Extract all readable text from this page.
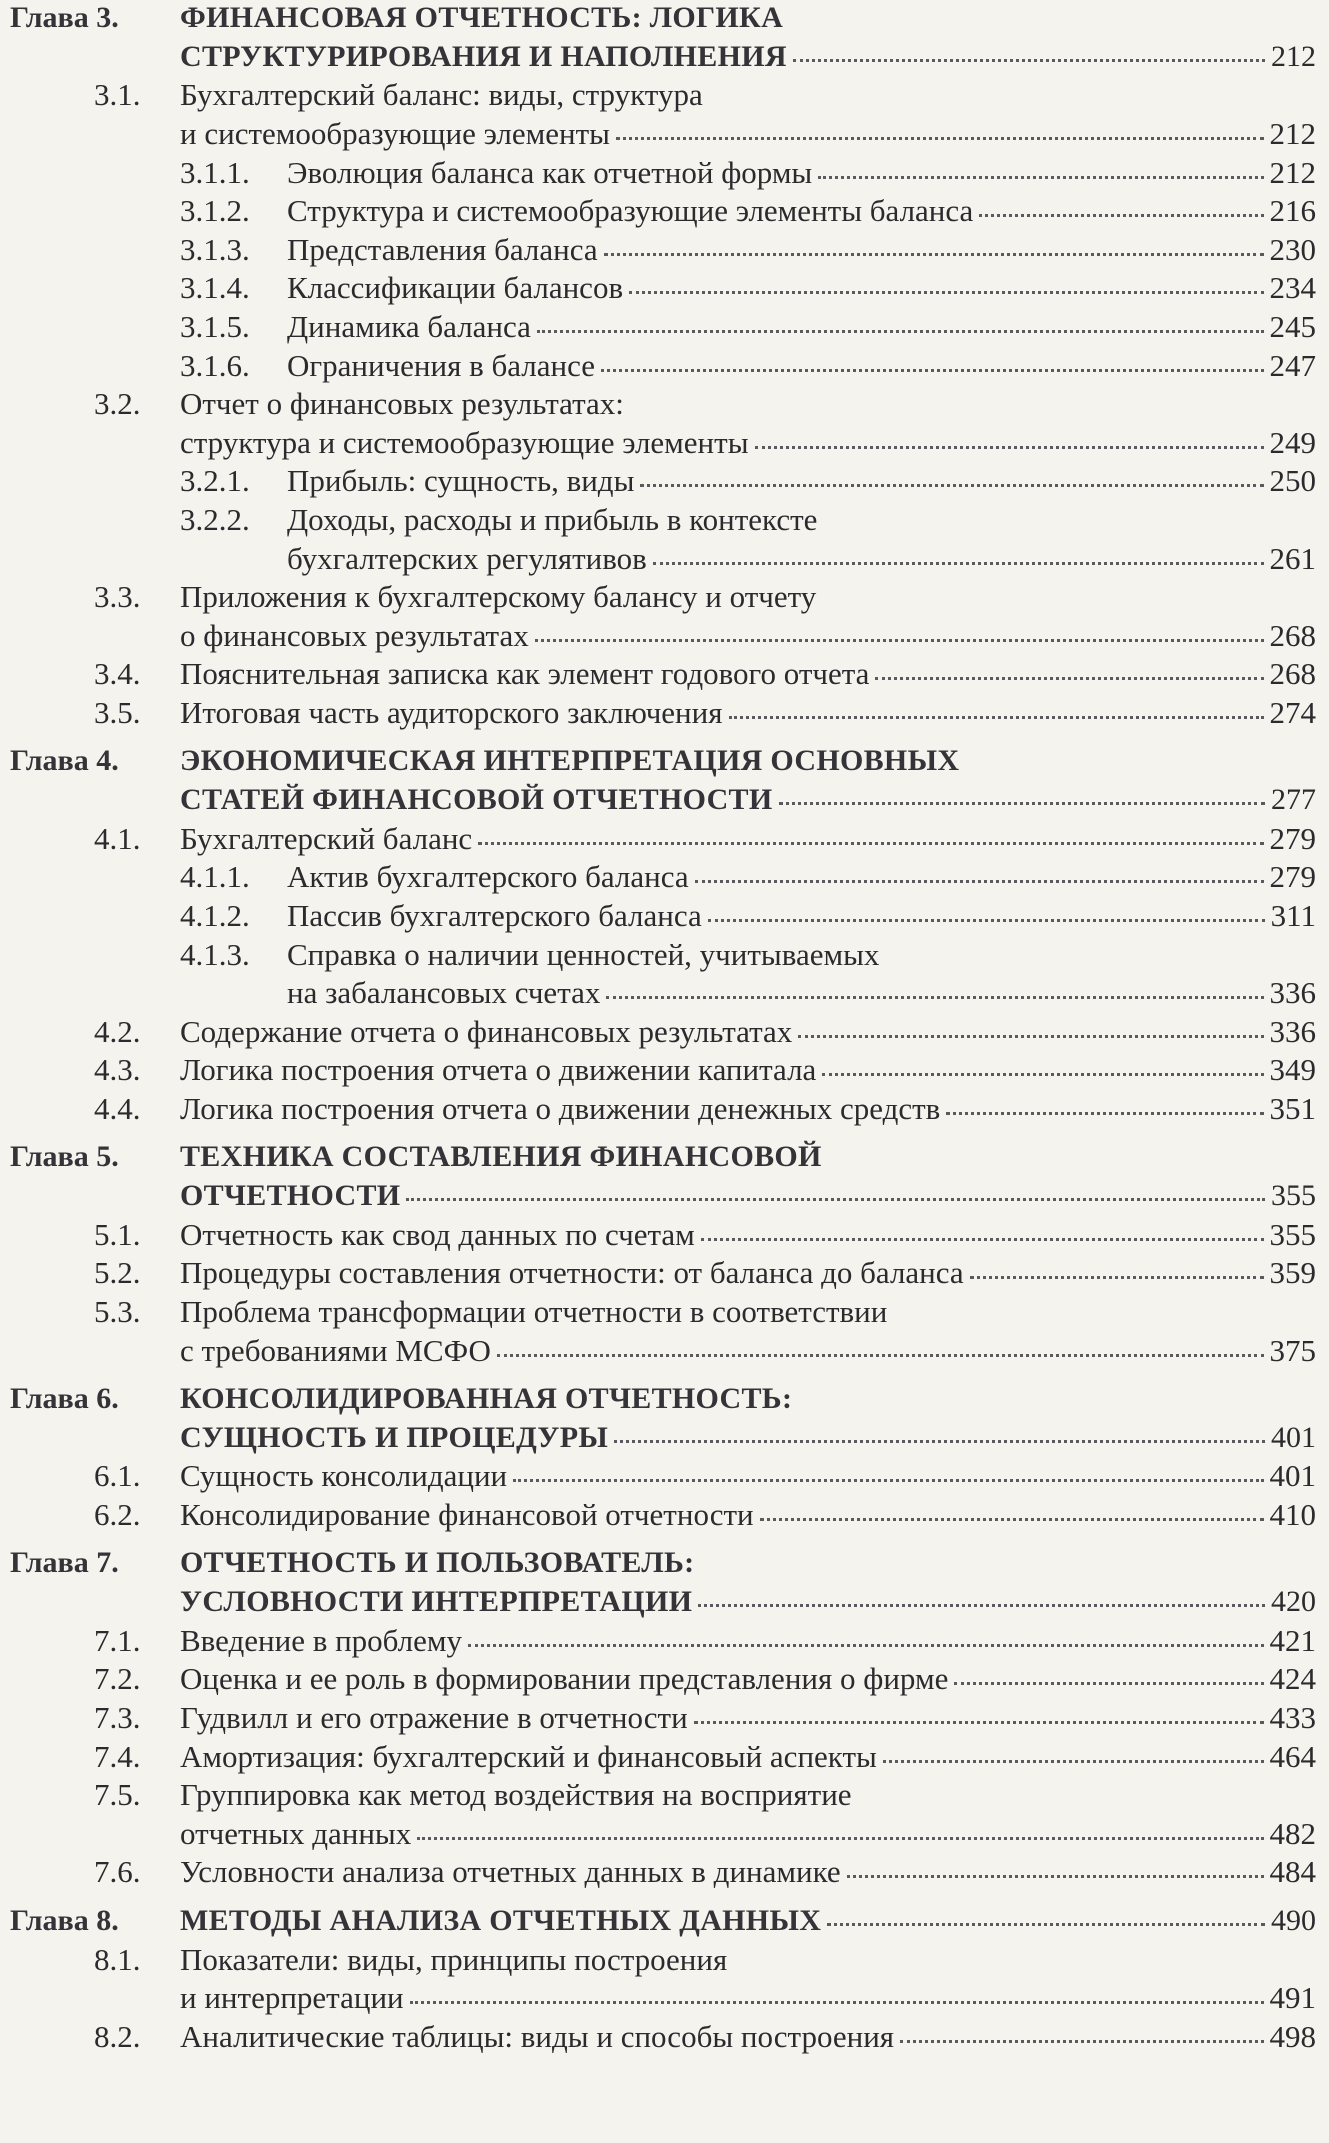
Глава 3. ФИНАНСОВАЯ ОТЧЕТНОСТЬ: ЛОГИКА
СТРУКТУРИРОВАНИЯ И НАПОЛНЕНИЯ	212
3.1. Бухгалтерский баланс: виды, структура
и системообразующие элементы	212
3.1.1. Эволюция баланса как отчетной формы	212
3.1.2. Структура и системообразующие элементы баланса	216
3.1.3. Представления баланса	230
3.1.4. Классификации балансов	234
3.1.5. Динамика баланса	245
3.1.6. Ограничения в балансе	247
3.2. Отчет о финансовых результатах:
структура и системообразующие элементы	249
3.2.1. Прибыль: сущность, виды	250
3.2.2. Доходы, расходы и прибыль в контексте
бухгалтерских регулятивов	261
3.3. Приложения к бухгалтерскому балансу и отчету
о финансовых результатах	268
3.4. Пояснительная записка как элемент годового отчета	268
3.5. Итоговая часть аудиторского заключения	274
Глава 4. ЭКОНОМИЧЕСКАЯ ИНТЕРПРЕТАЦИЯ ОСНОВНЫХ
СТАТЕЙ ФИНАНСОВОЙ ОТЧЕТНОСТИ	277
4.1. Бухгалтерский баланс	279
4.1.1. Актив бухгалтерского баланса	279
4.1.2. Пассив бухгалтерского баланса	311
4.1.3. Справка о наличии ценностей, учитываемых
на забалансовых счетах	336
4.2. Содержание отчета о финансовых результатах	336
4.3. Логика построения отчета о движении капитала	349
4.4. Логика построения отчета о движении денежных средств	351
Глава 5. ТЕХНИКА СОСТАВЛЕНИЯ ФИНАНСОВОЙ
ОТЧЕТНОСТИ	355
5.1. Отчетность как свод данных по счетам	355
5.2. Процедуры составления отчетности: от баланса до баланса	359
5.3. Проблема трансформации отчетности в соответствии
с требованиями МСФО	375
Глава 6. КОНСОЛИДИРОВАННАЯ ОТЧЕТНОСТЬ:
СУЩНОСТЬ И ПРОЦЕДУРЫ	401
6.1. Сущность консолидации	401
6.2. Консолидирование финансовой отчетности	410
Глава 7. ОТЧЕТНОСТЬ И ПОЛЬЗОВАТЕЛЬ:
УСЛОВНОСТИ ИНТЕРПРЕТАЦИИ	420
7.1. Введение в проблему	421
7.2. Оценка и ее роль в формировании представления о фирме	424
7.3. Гудвилл и его отражение в отчетности	433
7.4. Амортизация: бухгалтерский и финансовый аспекты	464
7.5. Группировка как метод воздействия на восприятие
отчетных данных	482
7.6. Условности анализа отчетных данных в динамике	484
Глава 8. МЕТОДЫ АНАЛИЗА ОТЧЕТНЫХ ДАННЫХ	490
8.1. Показатели: виды, принципы построения
и интерпретации	491
8.2. Аналитические таблицы: виды и способы построения	498
